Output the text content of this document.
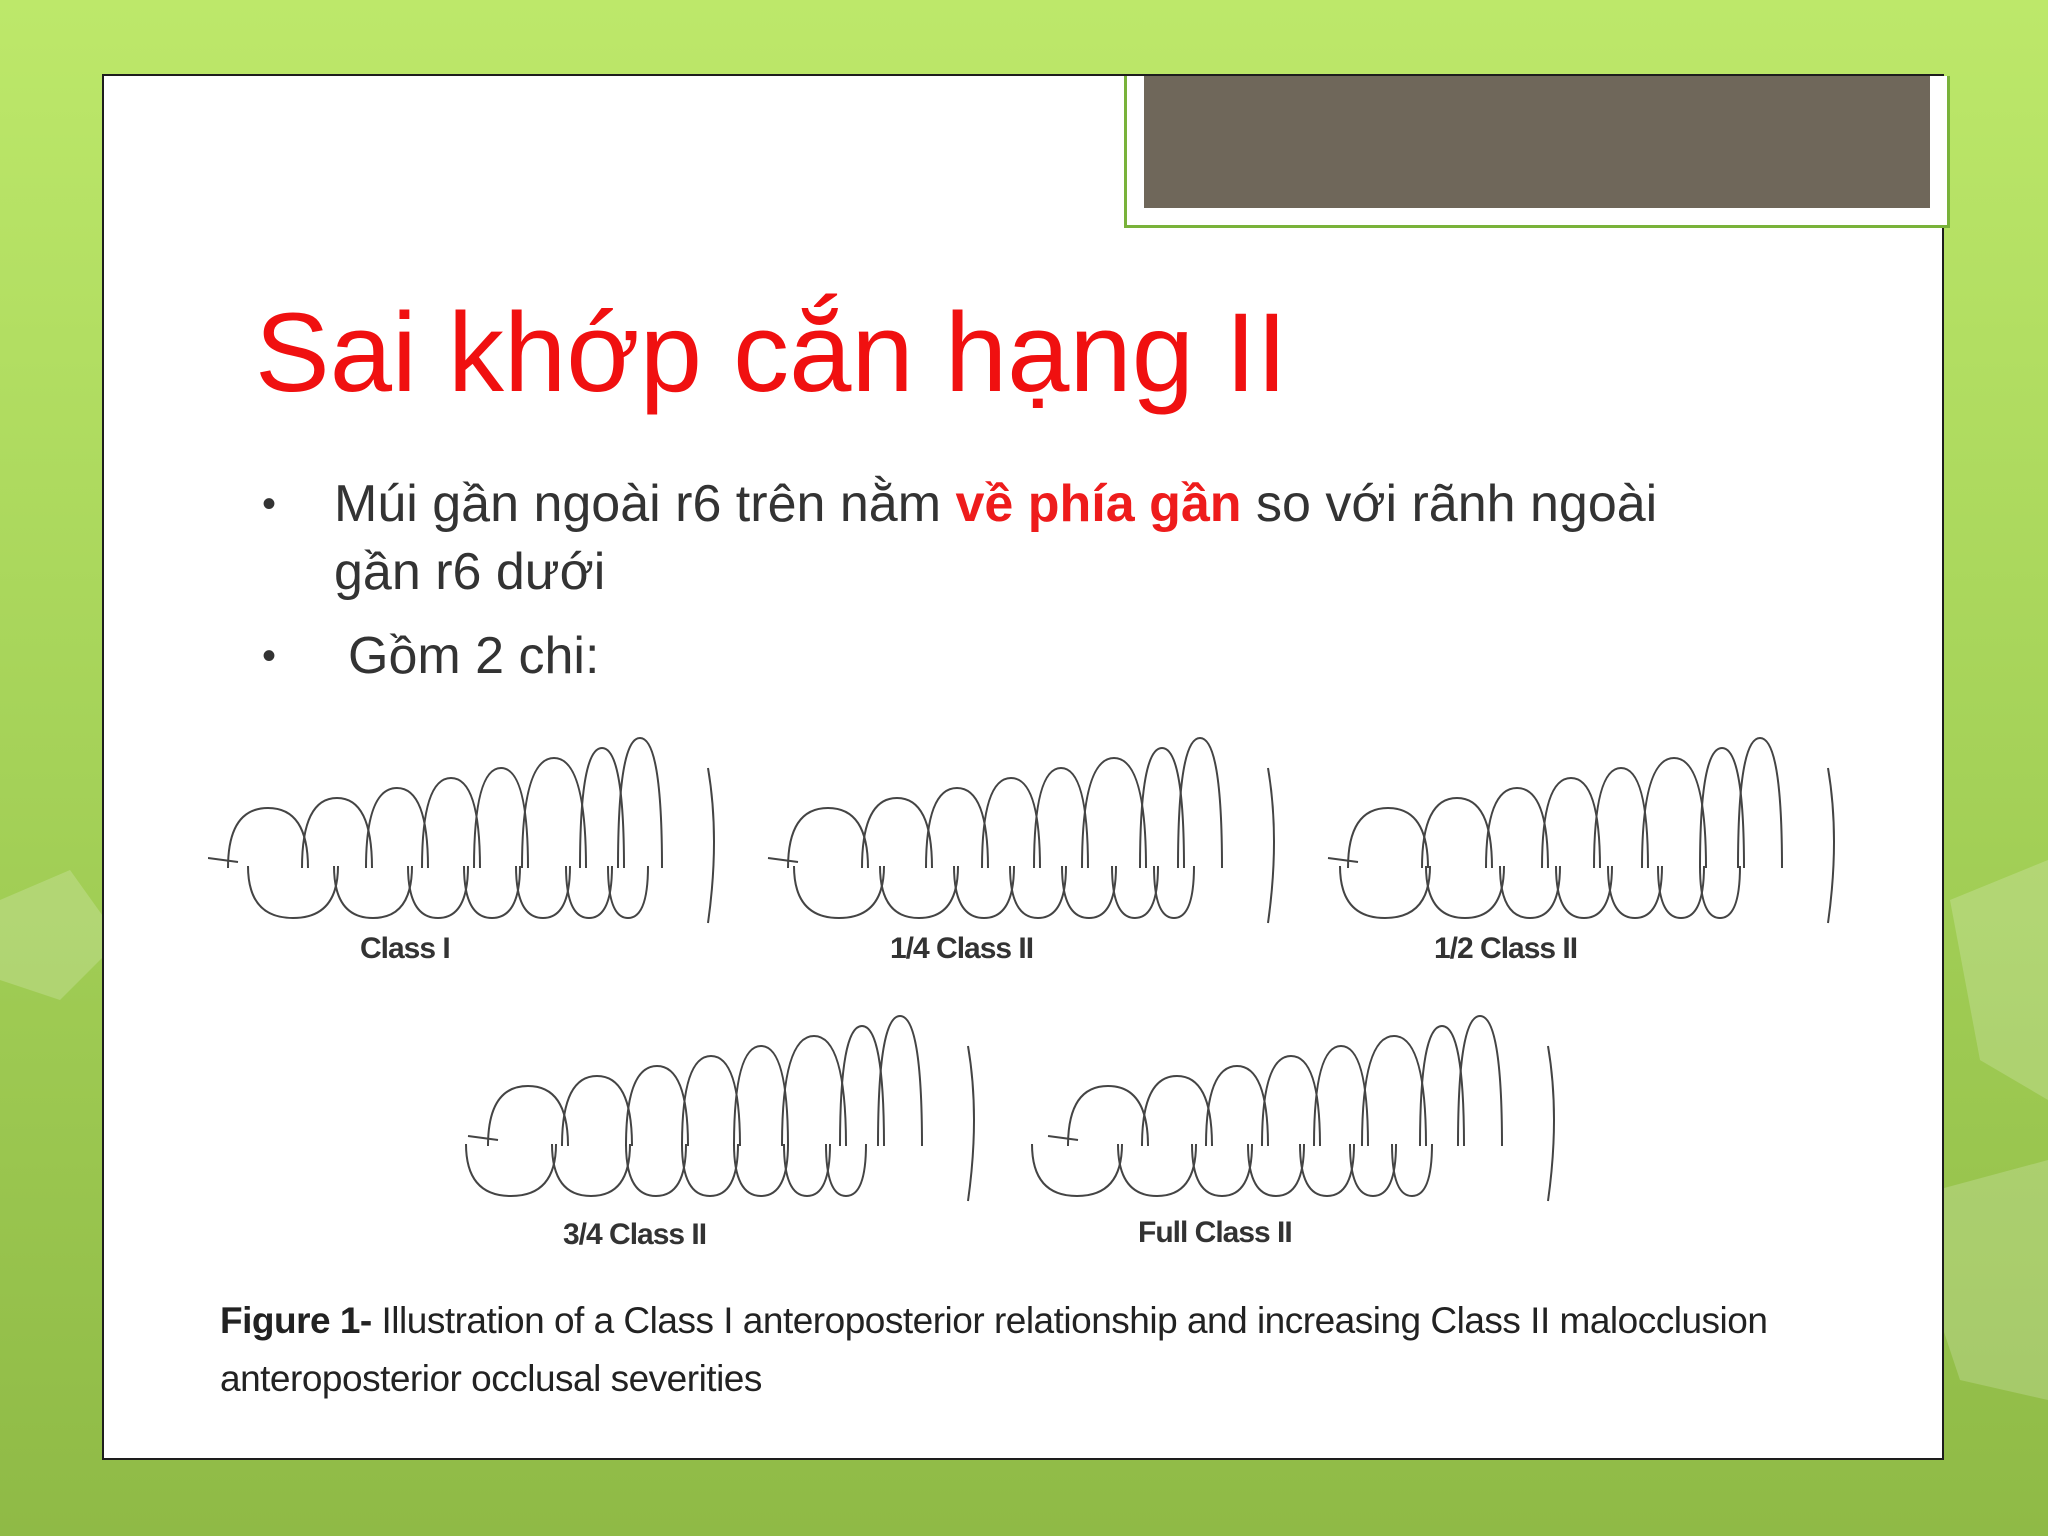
Sai khớp cắn hạng II
• Múi gần ngoài r6 trên nằm về phía gần so với rãnh ngoài gần r6 dưới
• Gồm 2 chi:
Class I	1/4 Class II	1/2 Class II
3/4 Class II	Full Class II
Figure 1- Illustration of a Class I anteroposterior relationship and increasing Class II malocclusion anteroposterior occlusal severities
